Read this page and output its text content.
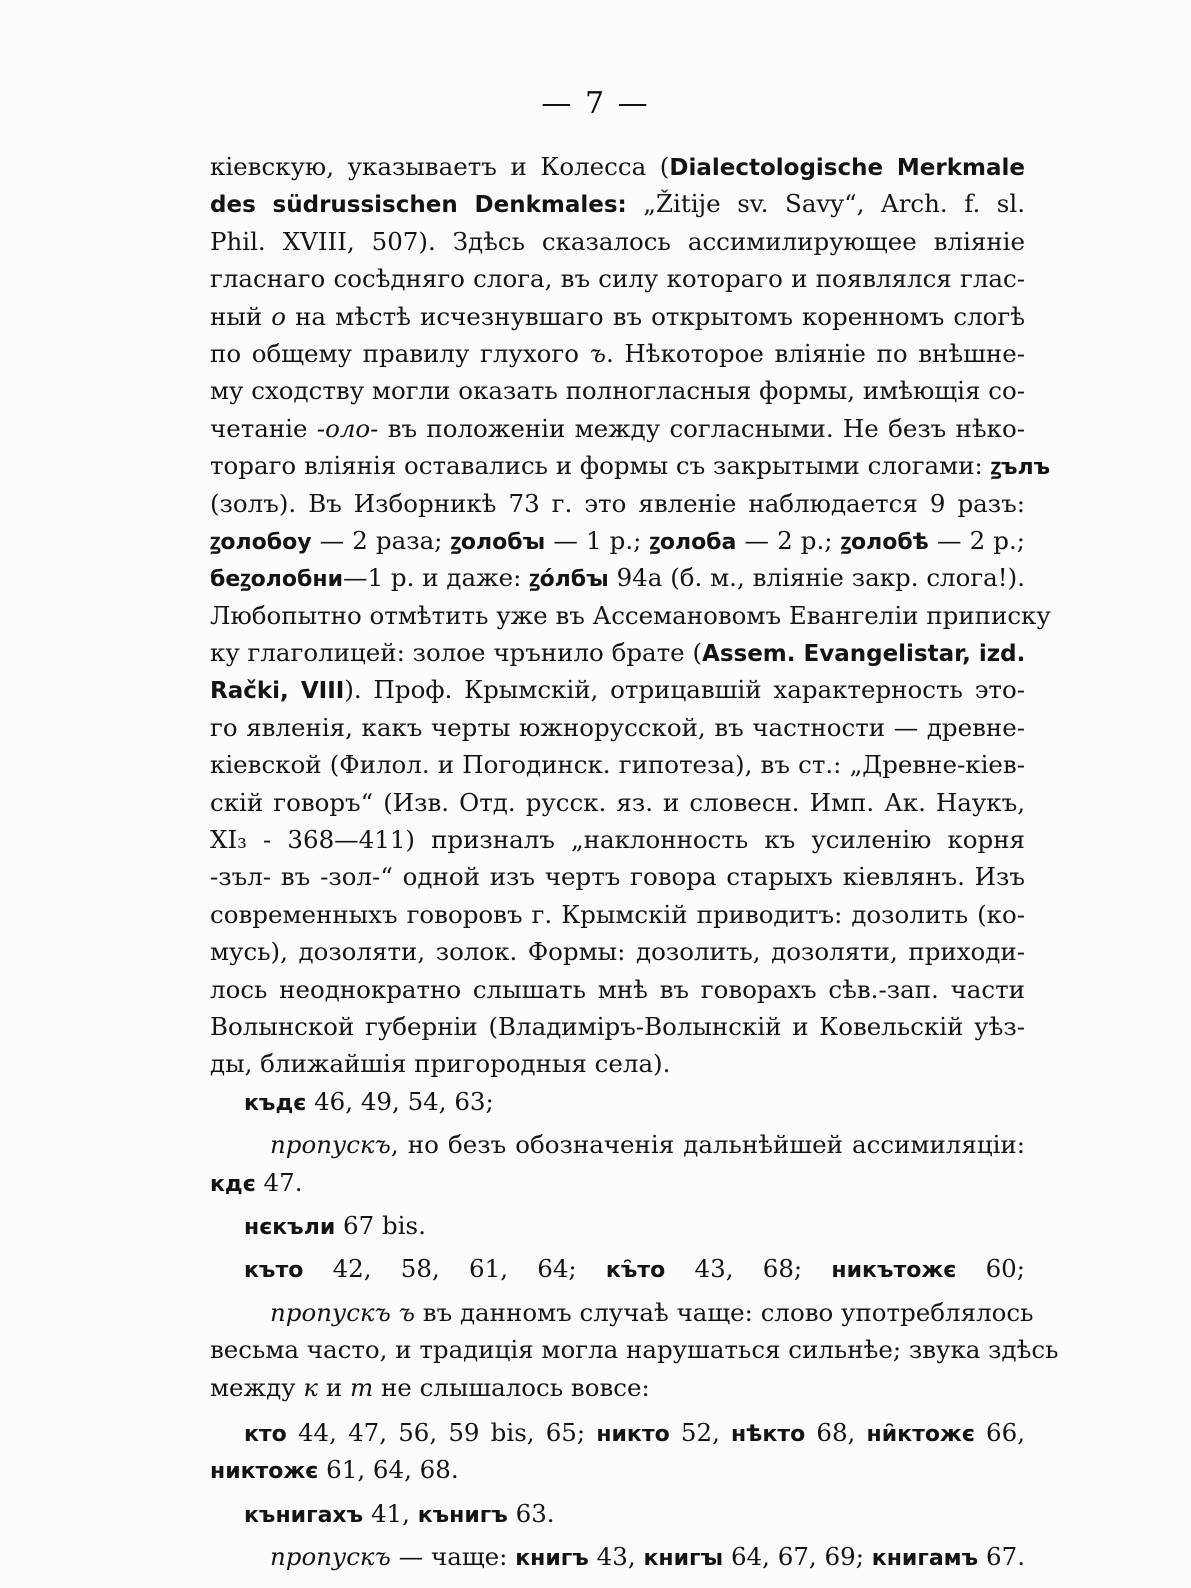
— 7 —
кіевскую, указываетъ и Колесса (Dialectologische Merkmale
des südrussischen Denkmales: „Žitije sv. Savy“, Arch. f. sl.
Phil. XVIII, 507). Здѣсь сказалось ассимилирующее вліяніе
гласнаго сосѣдняго слога, въ силу котораго и появлялся глас-
ный о на мѣстѣ исчезнувшаго въ открытомъ коренномъ слогѣ
по общему правилу глухого ъ. Нѣкоторое вліяніе по внѣшне-
му сходству могли оказать полногласныя формы, имѣющія со-
четаніе -оло- въ положеніи между согласными. Не безъ нѣко-
тораго вліянія оставались и формы съ закрытыми слогами: ꙁълъ
(золъ). Въ Изборникѣ 73 г. это явленіе наблюдается 9 разъ:
ꙁолобоу — 2 раза; ꙁолобꙑ — 1 р.; ꙁолоба — 2 р.; ꙁолобѣ — 2 р.;
беꙁолобни—1 р. и даже: ꙁо́лбꙑ 94а (б. м., вліяніе закр. слога!).
Любопытно отмѣтить уже въ Ассемановомъ Евангеліи приписку
ку глаголицей: золое чрънило брате (Assem. Evangelistar, izd.
Rački, VIII). Проф. Крымскій, отрицавшій характерность это-
го явленія, какъ черты южнорусской, въ частности — древне-
кіевской (Филол. и Погодинск. гипотеза), въ ст.: „Древне-кіев-
скій говоръ“ (Изв. Отд. русск. яз. и словесн. Имп. Ак. Наукъ,
XI₃ - 368—411) призналъ „наклонность къ усиленію корня
-зъл- въ -зол-“ одной изъ чертъ говора старыхъ кіевлянъ. Изъ
современныхъ говоровъ г. Крымскій приводитъ: дозолить (ко-
мусь), дозоляти, золок. Формы: дозолить, дозоляти, приходи-
лось неоднократно слышать мнѣ въ говорахъ сѣв.-зап. части
Волынской губерніи (Владиміръ-Волынскій и Ковельскій уѣз-
ды, ближайшія пригородныя села).
къдє 46, 49, 54, 63;
пропускъ, но безъ обозначенія дальнѣйшей ассимиляціи:
кдє 47.
нєкъли 67 bis.
къто 42, 58, 61, 64; къ̑то 43, 68; никътожє 60;
пропускъ ъ въ данномъ случаѣ чаще: слово употреблялось
весьма часто, и традиція могла нарушаться сильнѣе; звука здѣсь
между к и т не слышалось вовсе:
кто 44, 47, 56, 59 bis, 65; никто 52, нѣкто 68, ни̑ктожє 66,
никтожє 61, 64, 68.
кънигахъ 41, кънигъ 63.
пропускъ — чаще: книгъ 43, книгꙑ 64, 67, 69; книгамъ 67.
